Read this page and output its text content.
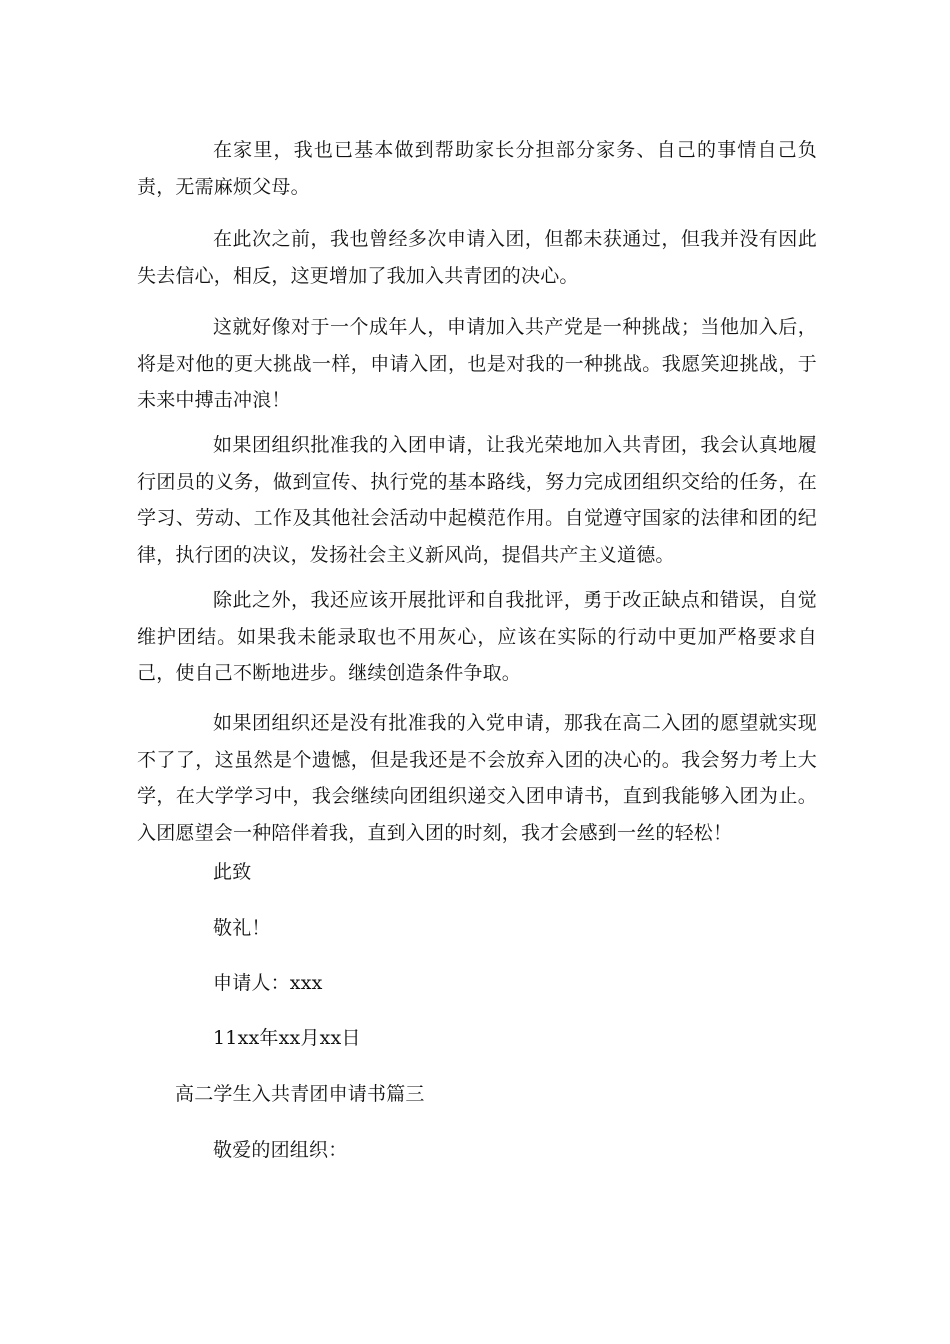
在家里，我也已基本做到帮助家长分担部分家务、自己的事情自己负责，无需麻烦父母。

在此次之前，我也曾经多次申请入团，但都未获通过，但我并没有因此失去信心，相反，这更增加了我加入共青团的决心。

这就好像对于一个成年人，申请加入共产党是一种挑战；当他加入后，将是对他的更大挑战一样，申请入团，也是对我的一种挑战。我愿笑迎挑战，于未来中搏击冲浪！

如果团组织批准我的入团申请，让我光荣地加入共青团，我会认真地履行团员的义务，做到宣传、执行党的基本路线，努力完成团组织交给的任务，在学习、劳动、工作及其他社会活动中起模范作用。自觉遵守国家的法律和团的纪律，执行团的决议，发扬社会主义新风尚，提倡共产主义道德。

除此之外，我还应该开展批评和自我批评，勇于改正缺点和错误，自觉维护团结。如果我未能录取也不用灰心，应该在实际的行动中更加严格要求自己，使自己不断地进步。继续创造条件争取。

如果团组织还是没有批准我的入党申请，那我在高二入团的愿望就实现不了了，这虽然是个遗憾，但是我还是不会放弃入团的决心的。我会努力考上大学，在大学学习中，我会继续向团组织递交入团申请书，直到我能够入团为止。入团愿望会一种陪伴着我，直到入团的时刻，我才会感到一丝的轻松！

此致

敬礼！

申请人：xxx

11xx年xx月xx日

高二学生入共青团申请书篇三

敬爱的团组织：
